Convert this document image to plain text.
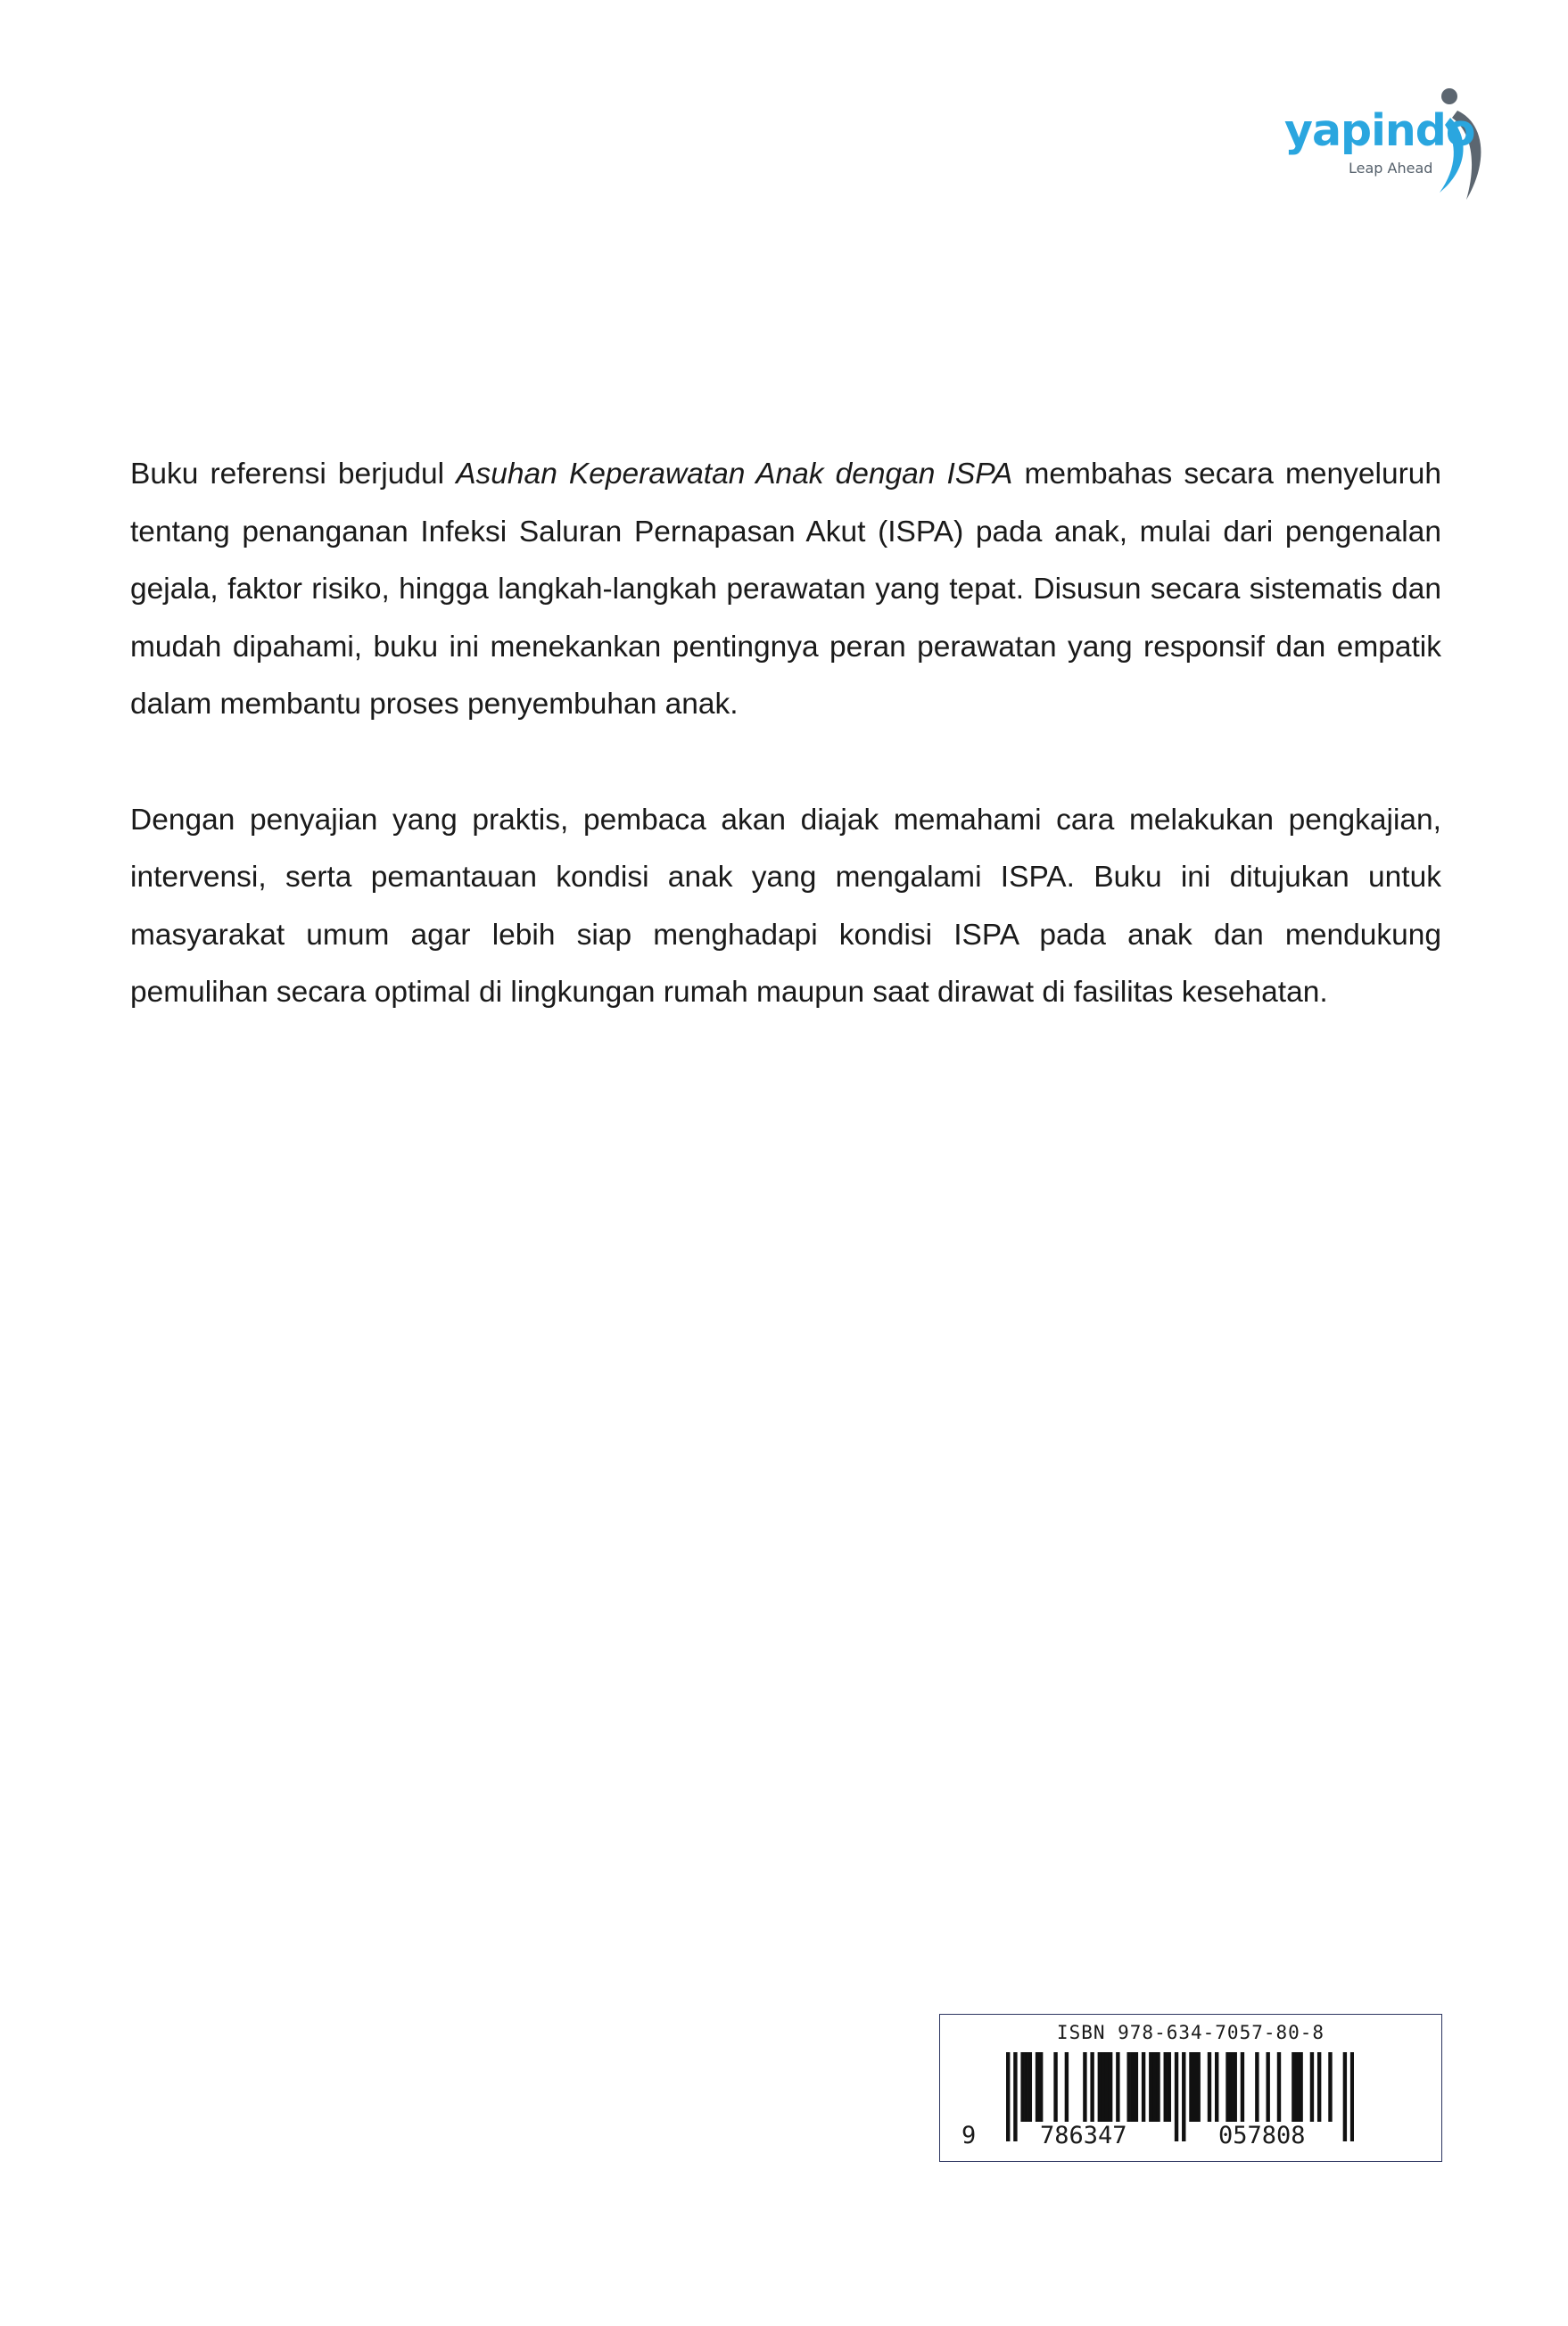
yapindo
Leap Ahead

Buku referensi berjudul Asuhan Keperawatan Anak dengan ISPA membahas secara menyeluruh tentang penanganan Infeksi Saluran Pernapasan Akut (ISPA) pada anak, mulai dari pengenalan gejala, faktor risiko, hingga langkah-langkah perawatan yang tepat. Disusun secara sistematis dan mudah dipahami, buku ini menekankan pentingnya peran perawatan yang responsif dan empatik dalam membantu proses penyembuhan anak.

Dengan penyajian yang praktis, pembaca akan diajak memahami cara melakukan pengkajian, intervensi, serta pemantauan kondisi anak yang mengalami ISPA. Buku ini ditujukan untuk masyarakat umum agar lebih siap menghadapi kondisi ISPA pada anak dan mendukung pemulihan secara optimal di lingkungan rumah maupun saat dirawat di fasilitas kesehatan.

ISBN 978-634-7057-80-8
9	786347	057808
